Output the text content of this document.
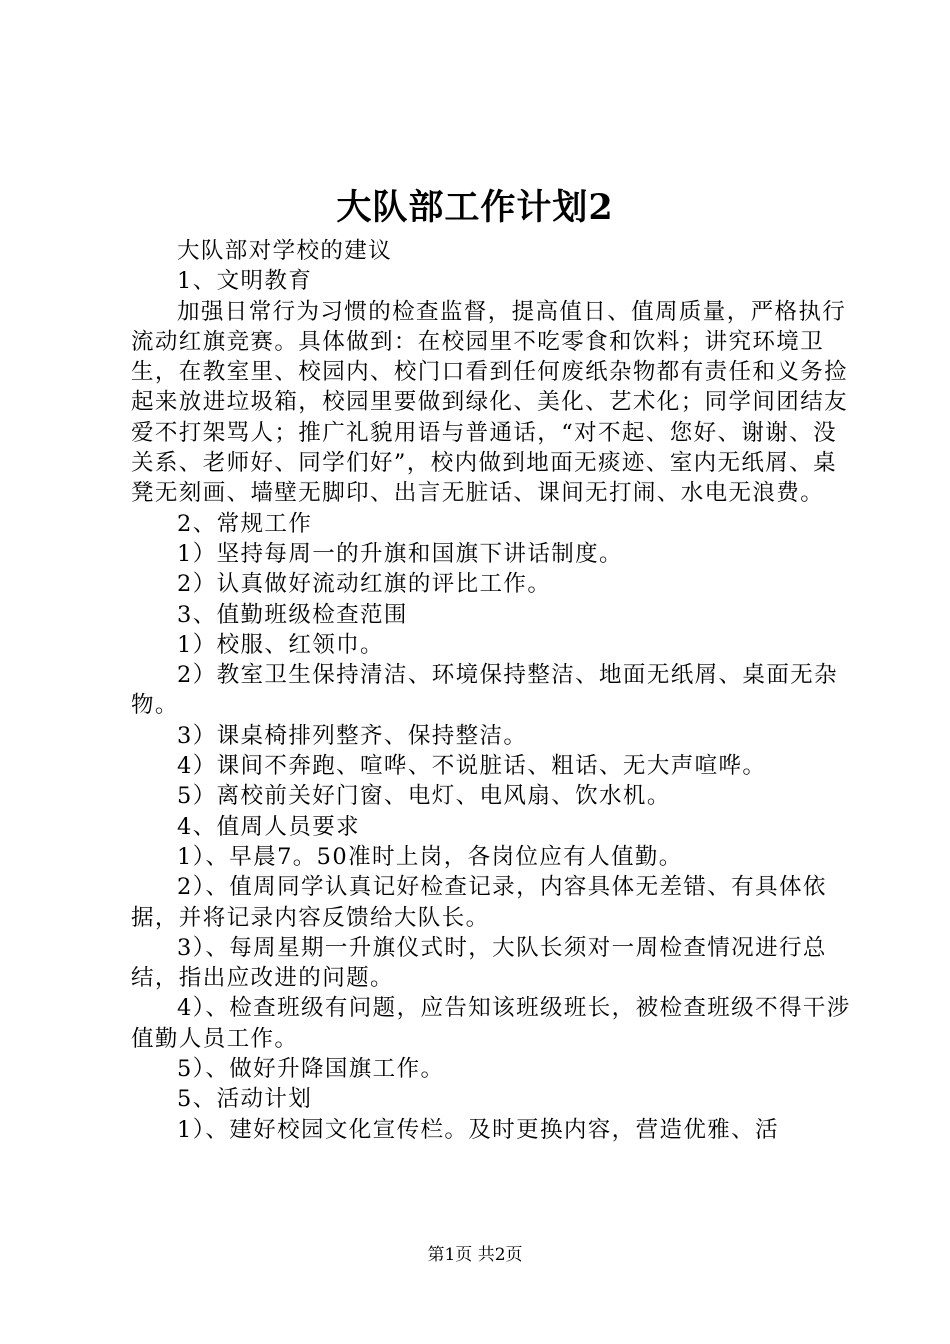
大队部工作计划2

大队部对学校的建议

1、文明教育

加强日常行为习惯的检查监督，提高值日、值周质量，严格执行流动红旗竞赛。具体做到：在校园里不吃零食和饮料；讲究环境卫生，在教室里、校园内、校门口看到任何废纸杂物都有责任和义务捡起来放进垃圾箱，校园里要做到绿化、美化、艺术化；同学间团结友爱不打架骂人；推广礼貌用语与普通话，“对不起、您好、谢谢、没关系、老师好、同学们好”，校内做到地面无痰迹、室内无纸屑、桌凳无刻画、墙壁无脚印、出言无脏话、课间无打闹、水电无浪费。

2、常规工作

1）坚持每周一的升旗和国旗下讲话制度。

2）认真做好流动红旗的评比工作。

3、值勤班级检查范围

1）校服、红领巾。

2）教室卫生保持清洁、环境保持整洁、地面无纸屑、桌面无杂物。

3）课桌椅排列整齐、保持整洁。

4）课间不奔跑、喧哗、不说脏话、粗话、无大声喧哗。

5）离校前关好门窗、电灯、电风扇、饮水机。

4、值周人员要求

1）、早晨7。50准时上岗，各岗位应有人值勤。

2）、值周同学认真记好检查记录，内容具体无差错、有具体依据，并将记录内容反馈给大队长。

3）、每周星期一升旗仪式时，大队长须对一周检查情况进行总结，指出应改进的问题。

4）、检查班级有问题，应告知该班级班长，被检查班级不得干涉值勤人员工作。

5）、做好升降国旗工作。

5、活动计划

1）、建好校园文化宣传栏。及时更换内容，营造优雅、活

第1页 共2页
